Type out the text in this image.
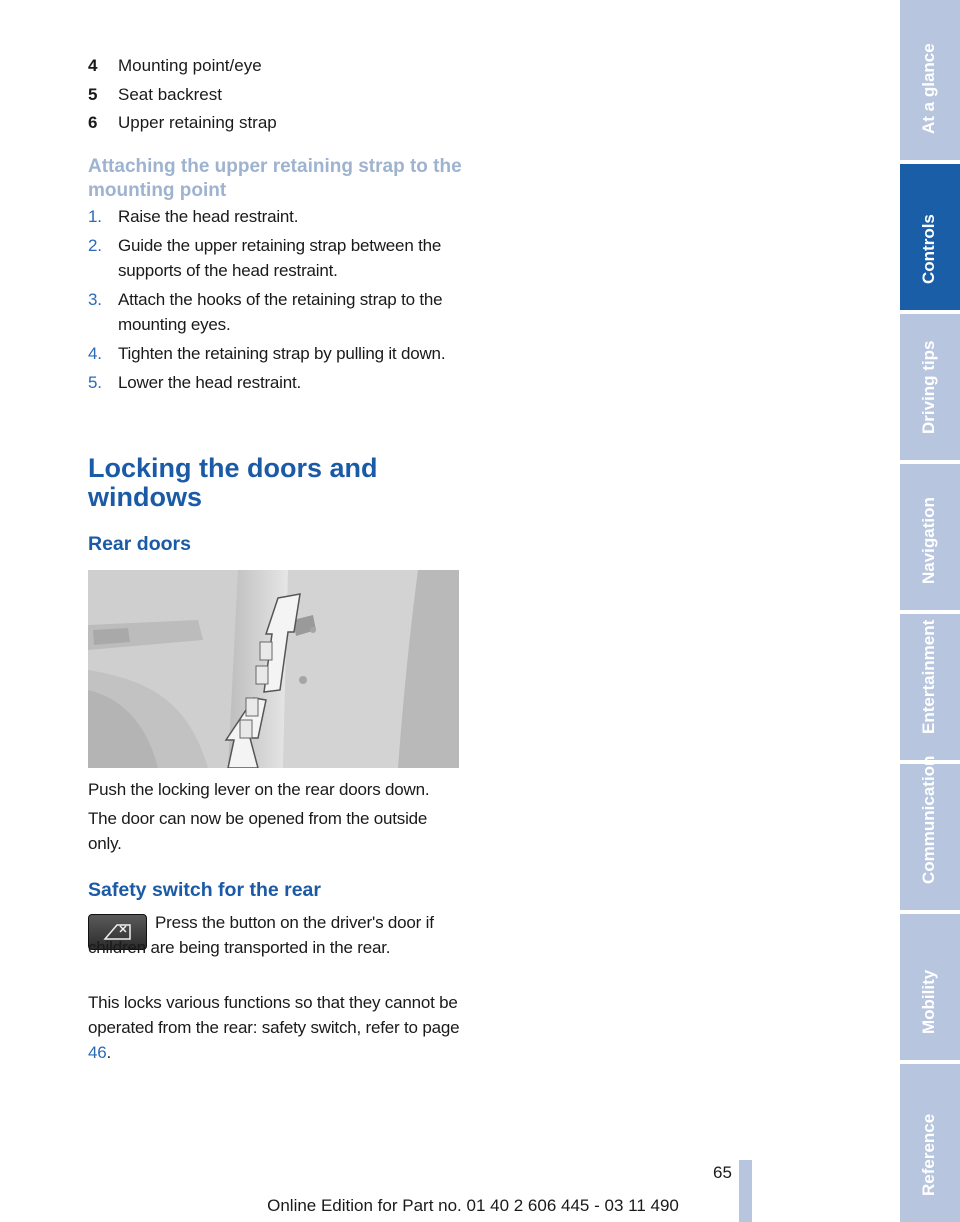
4	Mounting point/eye
5	Seat backrest
6	Upper retaining strap
Attaching the upper retaining strap to the mounting point
1. Raise the head restraint.
2. Guide the upper retaining strap between the supports of the head restraint.
3. Attach the hooks of the retaining strap to the mounting eyes.
4. Tighten the retaining strap by pulling it down.
5. Lower the head restraint.
Locking the doors and windows
Rear doors

Push the locking lever on the rear doors down.

The door can now be opened from the outside only.

Safety switch for the rear

Press the button on the driver's door if children are being transported in the rear.

This locks various functions so that they cannot be operated from the rear: safety switch, refer to page 46.

65
Online Edition for Part no. 01 40 2 606 445 - 03 11 490
At a glance
Controls
Driving tips
Navigation
Entertainment
Communication
Mobility
Reference
